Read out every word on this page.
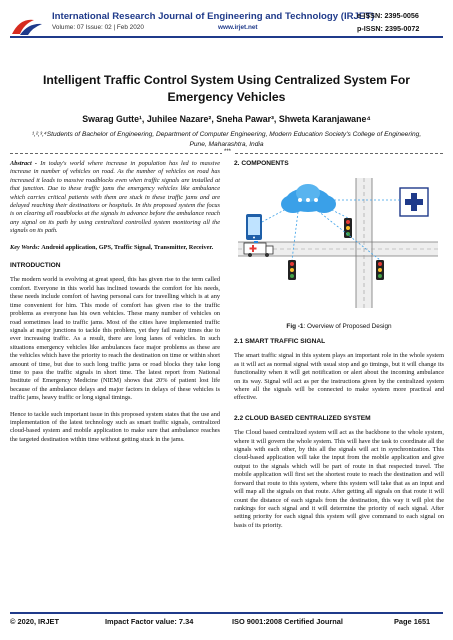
International Research Journal of Engineering and Technology (IRJET)
Volume: 07 Issue: 02 | Feb 2020	www.irjet.net
e-ISSN: 2395-0056
p-ISSN: 2395-0072
Intelligent Traffic Control System Using Centralized System For Emergency Vehicles
Swarag Gutte¹, Juhilee Nazare², Sneha Pawar³, Shweta Karanjawane⁴
¹,²,³,⁴Students of Bachelor of Engineering, Department of Computer Engineering, Modern Education Society's College of Engineering, Pune, Maharashtra, India
***

Abstract - In today's world where increase in population has led to massive increase in number of vehicles on road. As the number of vehicles on road has increased it leads to massive roadblocks even when traffic signals are installed at that junction. Due to these traffic jams the emergency vehicles like ambulance which carries critical patients with them are stuck in these traffic jams and are delayed reaching their destinations or hospitals. In this proposed system the focus is on clearing all roadblocks at the signals in advance before the ambulance reach any signal on its path by using centralized controlled system monitoring all the signals on its path.

Key Words: Android application, GPS, Traffic Signal, Transmitter, Receiver.

INTRODUCTION

The modern world is evolving at great speed, this has given rise to the term called comfort. Everyone in this world has inclined towards the comfort for his needs, these needs include comfort of having personal cars for travelling which is at any time convenient for him. This mode of comfort has given rise to the traffic problems as everyone has his own vehicles. These many number of vehicles on road sometimes lead to traffic jams. Most of the cities have implemented traffic signals at major junctions to tackle this problem, yet they fail many times due to ever increasing traffic. As a result, there are long lanes of vehicles. In such situations emergency vehicles like ambulances face major problems as these are the vehicles which have the priority to reach the destination on time or within short amount of time, but due to such long traffic jams or road blocks they take long time to pass the traffic signals in short time. The latest report from National Institute of Emergency Medicine (NIEM) shows that 20% of patient lost life because of the ambulance delays and major factors in delays of these vehicles is traffic jams, heavy traffic or long signal timings.

Hence to tackle such important issue in this proposed system states that the use and implementation of the latest technology such as smart traffic signals, centralized cloud-based system and mobile application to make sure that ambulance reaches the targeted destination within time without getting stuck in the jams.

2. COMPONENTS
Fig -1: Overview of Proposed Design
2.1 SMART TRAFFIC SIGNAL

The smart traffic signal in this system plays an important role in the whole system as it will act as normal signal with usual stop and go timings, but it will change its functionality when it will get notification or alert about the incoming ambulance on its way. Signal will act as per the instructions given by the centralized system where all the signals will be connected to make system more practical and effective.

2.2 CLOUD BASED CENTRALIZED SYSTEM

The Cloud based centralized system will act as the backbone to the whole system, where it will govern the whole system. This will have the task to coordinate all the signals with each other, by this all the signals will act in synchronization. This cloud-based application will take the input from the mobile application and give output to the signals which will be part of route in that respected travel. The mobile application will first set the shortest route to reach the destination and will forward that route to this system, where this system will take that as an input and will map all the signals on that route. After getting all signals on that route it will count the distance of each signals from the destination, this way it will plot the rankings for each signal and it will determine the priority of each signal. After setting priority for each signal this system will give command to each signal on basis of its priority.

© 2020, IRJET	Impact Factor value: 7.34	ISO 9001:2008 Certified Journal	Page 1651
